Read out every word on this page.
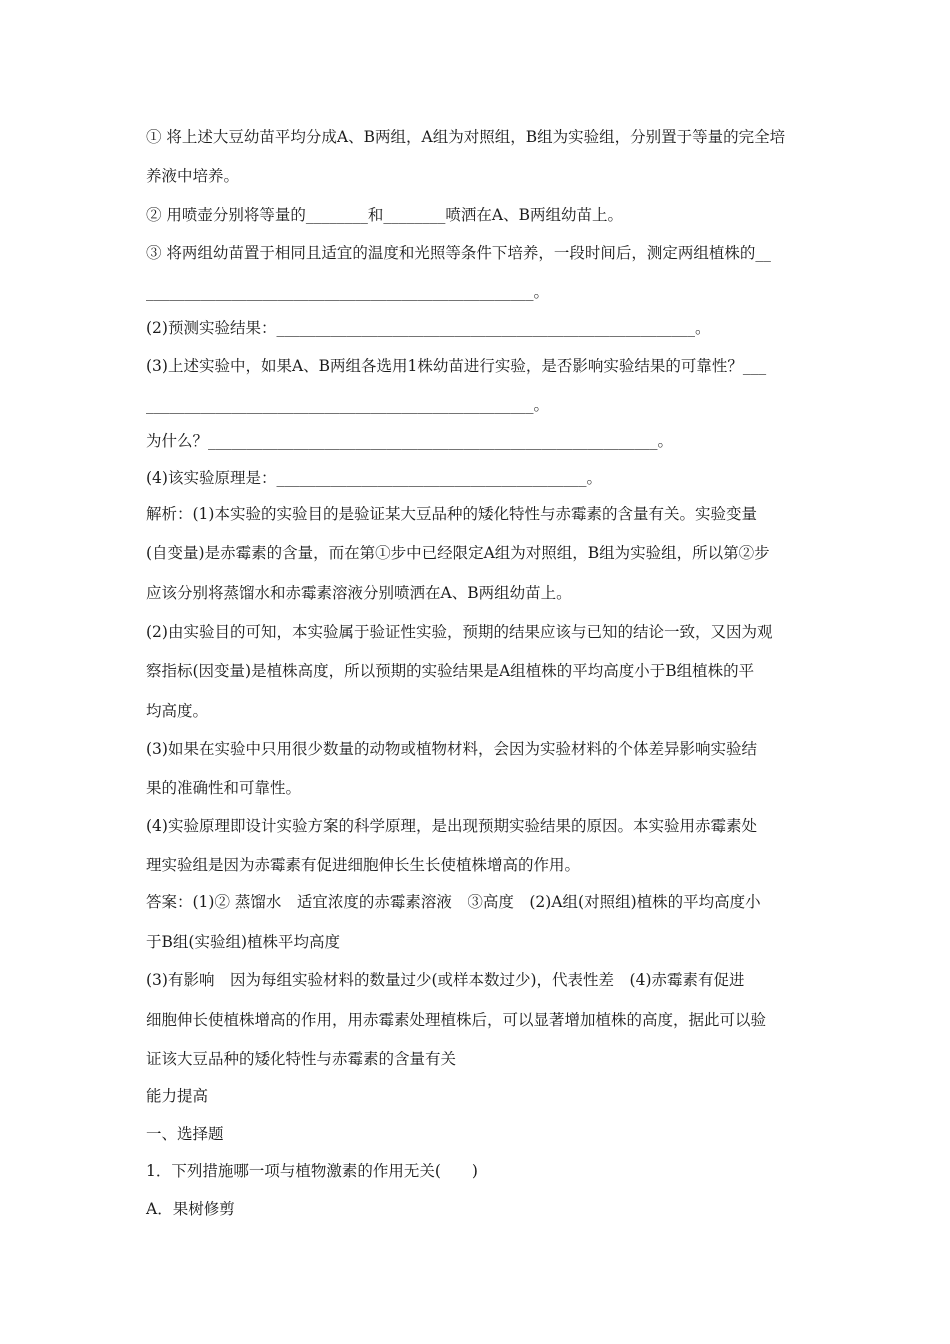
① 将上述大豆幼苗平均分成A、B两组，A组为对照组，B组为实验组，分别置于等量的完全培
养液中培养。
② 用喷壶分别将等量的________和________喷洒在A、B两组幼苗上。
③ 将两组幼苗置于相同且适宜的温度和光照等条件下培养，一段时间后，测定两组植株的__
__________________________________________________。
(2)预测实验结果：______________________________________________________。
(3)上述实验中，如果A、B两组各选用1株幼苗进行实验，是否影响实验结果的可靠性？___
__________________________________________________。
为什么？__________________________________________________________。
(4)该实验原理是：________________________________________。
解析：(1)本实验的实验目的是验证某大豆品种的矮化特性与赤霉素的含量有关。实验变量
(自变量)是赤霉素的含量，而在第①步中已经限定A组为对照组，B组为实验组，所以第②步
应该分别将蒸馏水和赤霉素溶液分别喷洒在A、B两组幼苗上。
(2)由实验目的可知，本实验属于验证性实验，预期的结果应该与已知的结论一致，又因为观
察指标(因变量)是植株高度，所以预期的实验结果是A组植株的平均高度小于B组植株的平
均高度。
(3)如果在实验中只用很少数量的动物或植物材料，会因为实验材料的个体差异影响实验结
果的准确性和可靠性。
(4)实验原理即设计实验方案的科学原理，是出现预期实验结果的原因。本实验用赤霉素处
理实验组是因为赤霉素有促进细胞伸长生长使植株增高的作用。
答案：(1)② 蒸馏水　适宜浓度的赤霉素溶液　③高度　(2)A组(对照组)植株的平均高度小
于B组(实验组)植株平均高度
(3)有影响　因为每组实验材料的数量过少(或样本数过少)，代表性差　(4)赤霉素有促进
细胞伸长使植株增高的作用，用赤霉素处理植株后，可以显著增加植株的高度，据此可以验
证该大豆品种的矮化特性与赤霉素的含量有关
能力提高
一、选择题
1．下列措施哪一项与植物激素的作用无关(　　)
A．果树修剪
